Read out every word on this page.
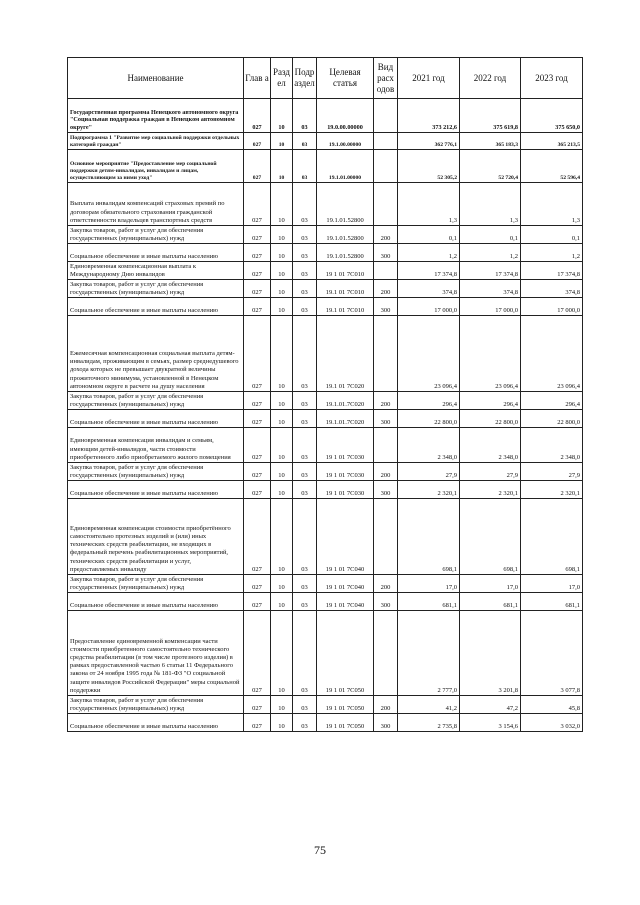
Наименование	Глав а	Разд ел	Подр аздел	Целевая статья	Вид расх одов	2021 год	2022 год	2023 год
Государственная программа Ненецкого автономного округа "Социальная поддержка граждан в Ненецком автономном округе"	027	10	03	19.0.00.00000		373 212,6	375 619,8	375 650,0
Подпрограмма 1 "Развитие мер социальной поддержки отдельных категорий граждан"	027	10	03	19.1.00.00000		362 776,1	365 183,3	365 213,5
Основное мероприятие "Предоставление мер социальной поддержки детям-инвалидам, инвалидам и лицам, осуществляющим за ними уход"	027	10	03	19.1.01.00000		52 305,2	52 720,4	52 596,4
Выплата инвалидам компенсаций страховых премий по договорам обязательного страхования гражданской ответственности владельцев транспортных средств	027	10	03	19.1.01.52800		1,3	1,3	1,3
Закупка товаров, работ и услуг для обеспечения государственных (муниципальных) нужд	027	10	03	19.1.01.52800	200	0,1	0,1	0,1
Социальное обеспечение и иные выплаты населению	027	10	03	19.1.01.52800	300	1,2	1,2	1,2
Единовременная компенсационная выплата к Международному Дню инвалидов	027	10	03	19 1 01 7C010		17 374,8	17 374,8	17 374,8
Закупка товаров, работ и услуг для обеспечения государственных (муниципальных) нужд	027	10	03	19.1 01 7C010	200	374,8	374,8	374,8
Социальное обеспечение и иные выплаты населению	027	10	03	19.1 01 7C010	300	17 000,0	17 000,0	17 000,0
Ежемесячная компенсационная социальная выплата детям-инвалидам, проживающим в семьях, размер среднедушевого дохода которых не превышает двукратной величины прожиточного минимума, установленной в Ненецком автономном округе в расчете на душу населения	027	10	03	19.1 01 7C020		23 096,4	23 096,4	23 096,4
Закупка товаров, работ и услуг для обеспечения государственных (муниципальных) нужд	027	10	03	19.1.01.7C020	200	296,4	296,4	296,4
Социальное обеспечение и иные выплаты населению	027	10	03	19.1.01.7C020	300	22 800,0	22 800,0	22 800,0
Единовременная компенсация инвалидам и семьям, имеющим детей-инвалидов, части стоимости приобретенного либо приобретаемого жилого помещения	027	10	03	19 1 01 7C030		2 348,0	2 348,0	2 348,0
Закупка товаров, работ и услуг для обеспечения государственных (муниципальных) нужд	027	10	03	19 1 01 7C030	200	27,9	27,9	27,9
Социальное обеспечение и иные выплаты населению	027	10	03	19 1 01 7C030	300	2 320,1	2 320,1	2 320,1
Единовременная компенсация стоимости приобретённого самостоятельно протезных изделий и (или) иных технических средств реабилитации, не входящих в федеральный перечень реабилитационных мероприятий, технических средств реабилитации и услуг, предоставляемых инвалиду	027	10	03	19 1 01 7C040		698,1	698,1	698,1
Закупка товаров, работ и услуг для обеспечения государственных (муниципальных) нужд	027	10	03	19 1 01 7C040	200	17,0	17,0	17,0
Социальное обеспечение и иные выплаты населению	027	10	03	19 1 01 7C040	300	681,1	681,1	681,1
Предоставление единовременной компенсации части стоимости приобретенного самостоятельно технического средства реабилитации (в том числе протезного изделия) в рамках предоставленной частью 6 статьи 11 Федерального закона от 24 ноября 1995 года № 181-ФЗ "О социальной защите инвалидов Российской Федерации" меры социальной поддержки	027	10	03	19 1 01 7C050		2 777,0	3 201,8	3 077,8
Закупка товаров, работ и услуг для обеспечения государственных (муниципальных) нужд	027	10	03	19 1 01 7C050	200	41,2	47,2	45,8
Социальное обеспечение и иные выплаты населению	027	10	03	19 1 01 7C050	300	2 735,8	3 154,6	3 032,0
75
